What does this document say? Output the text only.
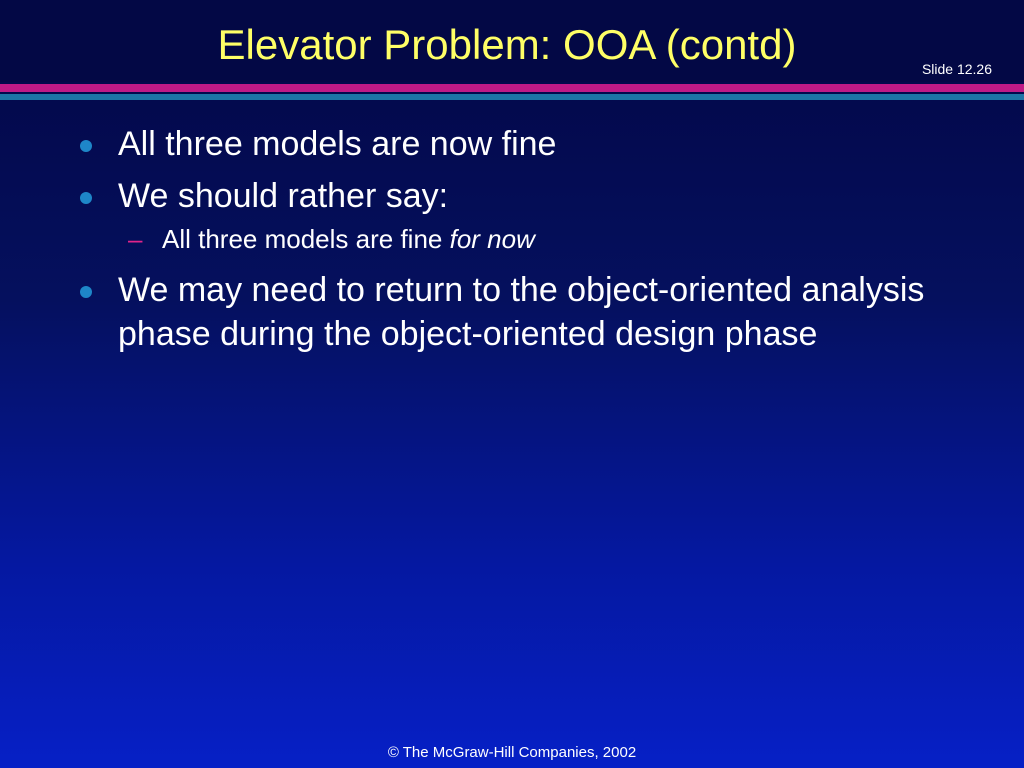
Elevator Problem: OOA (contd)
Slide 12.26
All three models are now fine
We should rather say:
– All three models are fine for now
We may need to return to the object-oriented analysis phase during the object-oriented design phase
© The McGraw-Hill Companies, 2002
